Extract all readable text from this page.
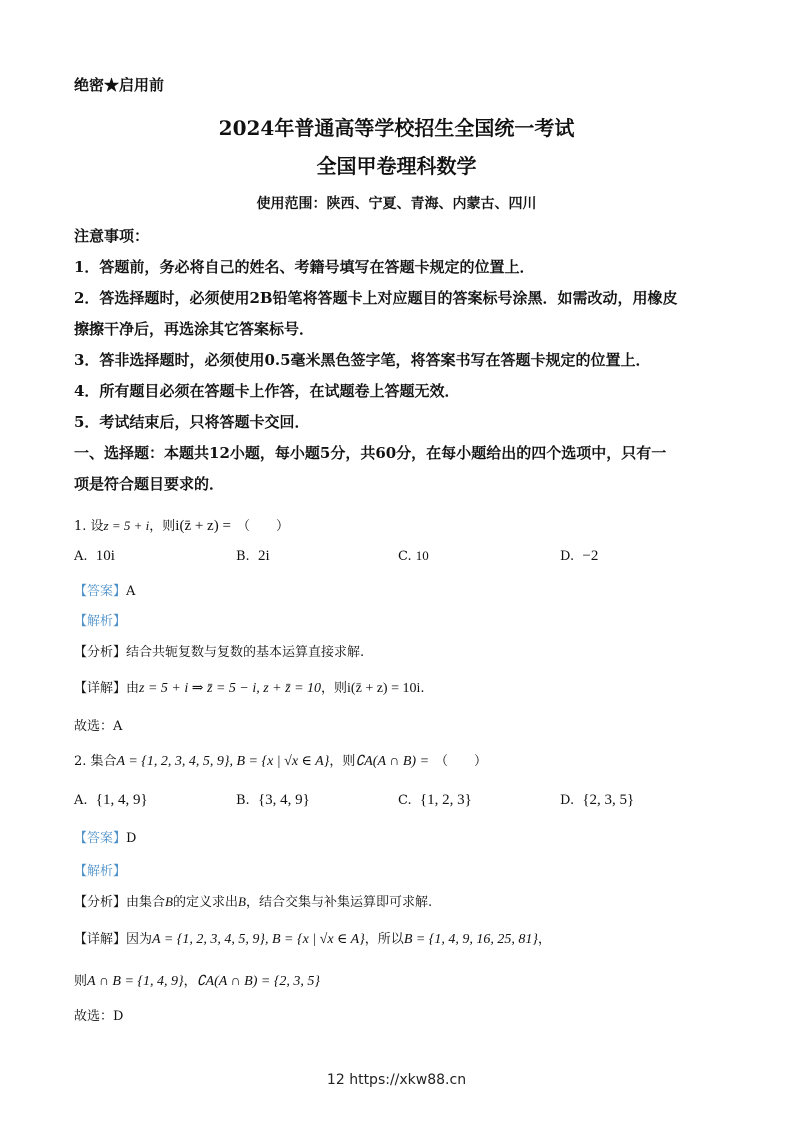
绝密★启用前
2024年普通高等学校招生全国统一考试
全国甲卷理科数学
使用范围：陕西、宁夏、青海、内蒙古、四川
注意事项：
1．答题前，务必将自己的姓名、考籍号填写在答题卡规定的位置上．
2．答选择题时，必须使用2B铅笔将答题卡上对应题目的答案标号涂黑．如需改动，用橡皮
擦擦干净后，再选涂其它答案标号．
3．答非选择题时，必须使用0.5毫米黑色签字笔，将答案书写在答题卡规定的位置上．
4．所有题目必须在答题卡上作答，在试题卷上答题无效．
5．考试结束后，只将答题卡交回．
一、选择题：本题共12小题，每小题5分，共60分，在每小题给出的四个选项中，只有一
项是符合题目要求的．
1. 设z = 5 + i，则i(z̄ + z) = （　　）
A. 10i	B. 2i	C. 10	D. −2
【答案】A
【解析】
【分析】结合共轭复数与复数的基本运算直接求解.
【详解】由z = 5 + i ⇒ z̄ = 5 − i, z + z̄ = 10，则i(z̄ + z) = 10i.
故选：A
2. 集合A = {1, 2, 3, 4, 5, 9}, B = {x | √x ∈ A}，则∁A(A ∩ B) = （　　）
A. {1, 4, 9}	B. {3, 4, 9}	C. {1, 2, 3}	D. {2, 3, 5}
【答案】D
【解析】
【分析】由集合B的定义求出B，结合交集与补集运算即可求解.
【详解】因为A = {1, 2, 3, 4, 5, 9}, B = {x | √x ∈ A}，所以B = {1, 4, 9, 16, 25, 81}，
则A ∩ B = {1, 4, 9}，∁A(A ∩ B) = {2, 3, 5}
故选：D
12 https://xkw88.cn
